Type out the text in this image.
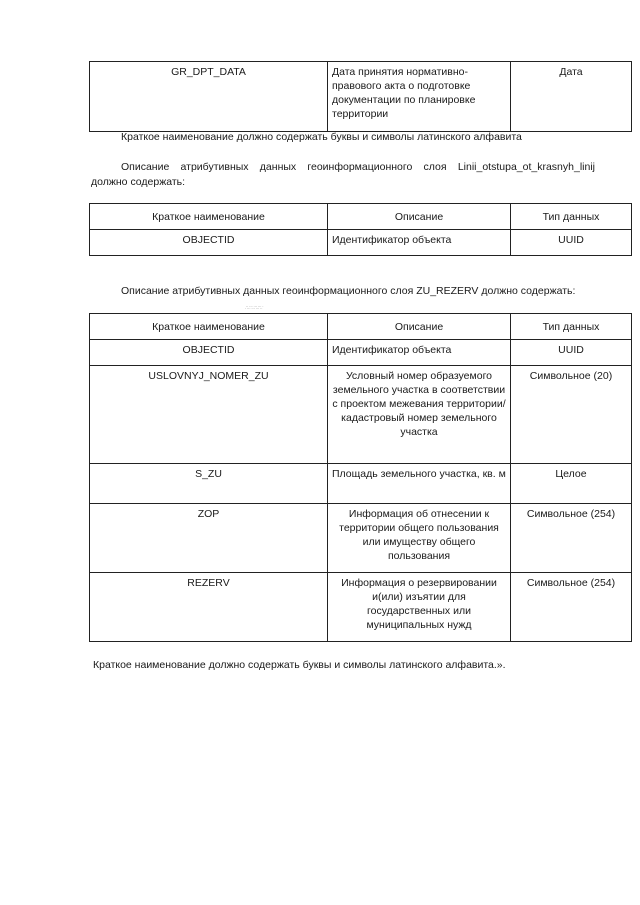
GR_DPT_DATA	Дата принятия нормативно-правового акта о подготовке документации по планировке территории	Дата
Краткое наименование должно содержать буквы и символы латинского алфавита
Описание атрибутивных данных геоинформационного слоя Linii_otstupa_ot_krasnyh_linij
должно содержать:
Краткое наименование	Описание	Тип данных
OBJECTID	Идентификатор объекта	UUID
Описание атрибутивных данных геоинформационного слоя ZU_REZERV должно содержать:
∴∵∴∵∴∵∴∵
Краткое наименование	Описание	Тип данных
OBJECTID	Идентификатор объекта	UUID
USLOVNYJ_NOMER_ZU	Условный номер образуемого земельного участка в соответствии с проектом межевания территории/кадастровый номер земельного участка	Символьное (20)
S_ZU	Площадь земельного участка, кв. м	Целое
ZOP	Информация об отнесении к территории общего пользования или имуществу общего пользования	Символьное (254)
REZERV	Информация о резервировании и(или) изъятии для государственных или муниципальных нужд	Символьное (254)
Краткое наименование должно содержать буквы и символы латинского алфавита.».
